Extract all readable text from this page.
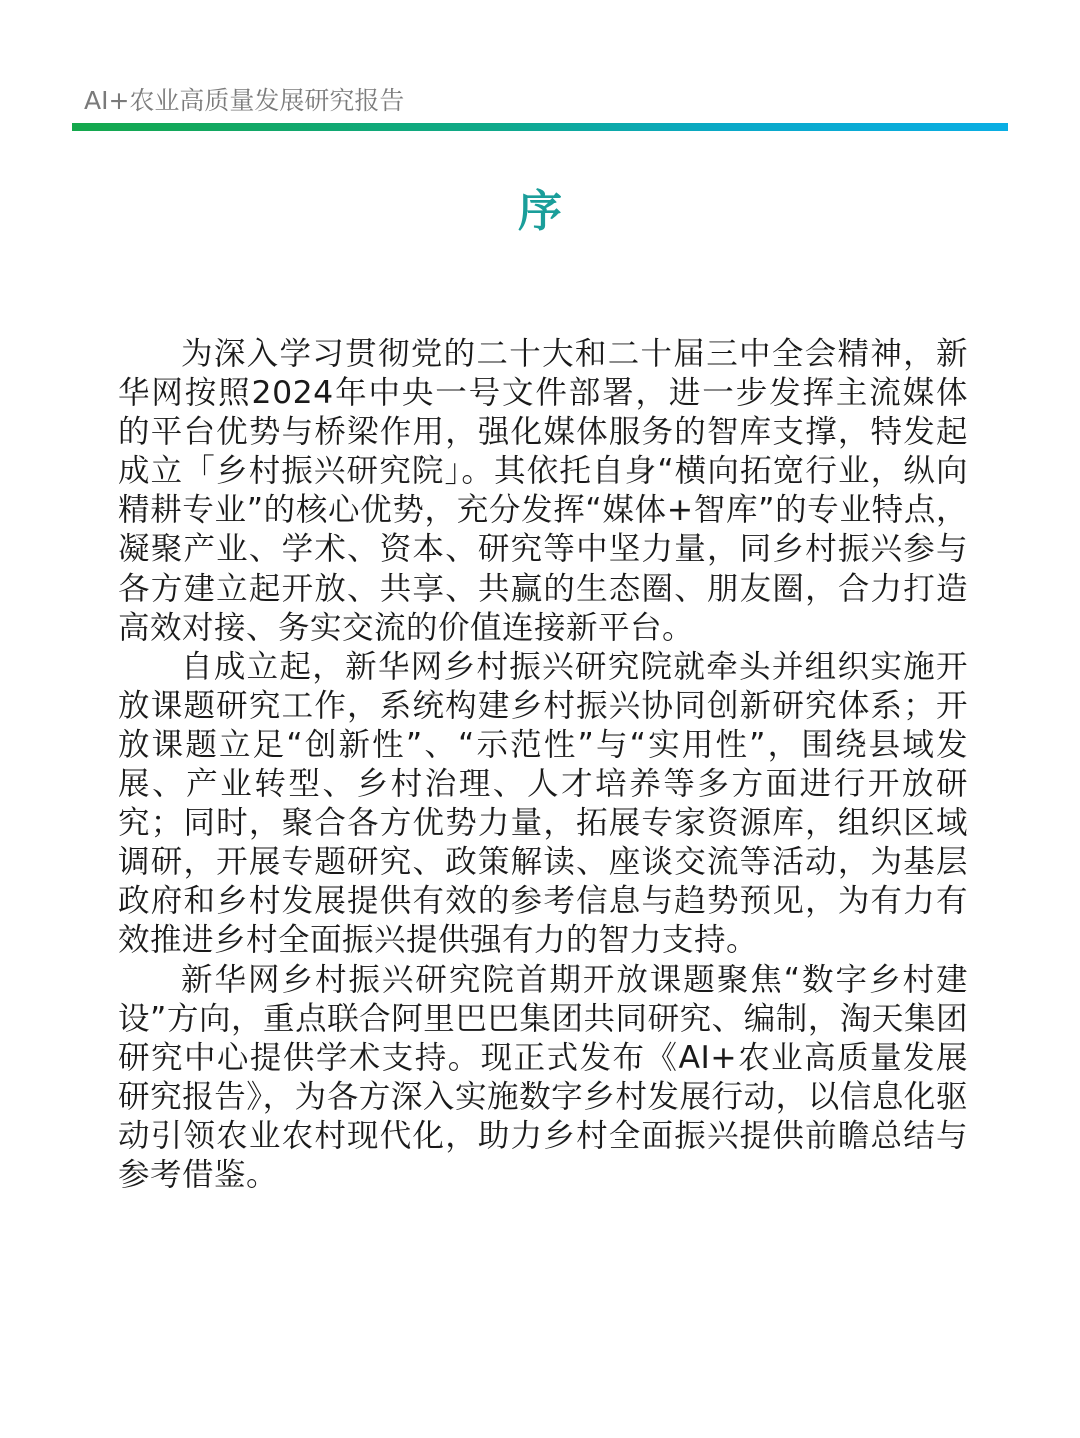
AI+农业高质量发展研究报告
序

为深入学习贯彻党的二十大和二十届三中全会精神，新华网按照2024年中央一号文件部署，进一步发挥主流媒体的平台优势与桥梁作用，强化媒体服务的智库支撑，特发起成立「乡村振兴研究院」。其依托自身“横向拓宽行业，纵向精耕专业”的核心优势，充分发挥“媒体+智库”的专业特点，凝聚产业、学术、资本、研究等中坚力量，同乡村振兴参与各方建立起开放、共享、共赢的生态圈、朋友圈，合力打造高效对接、务实交流的价值连接新平台。

自成立起，新华网乡村振兴研究院就牵头并组织实施开放课题研究工作，系统构建乡村振兴协同创新研究体系；开放课题立足“创新性”、“示范性”与“实用性”，围绕县域发展、产业转型、乡村治理、人才培养等多方面进行开放研究；同时，聚合各方优势力量，拓展专家资源库，组织区域调研，开展专题研究、政策解读、座谈交流等活动，为基层政府和乡村发展提供有效的参考信息与趋势预见，为有力有效推进乡村全面振兴提供强有力的智力支持。

新华网乡村振兴研究院首期开放课题聚焦“数字乡村建设”方向，重点联合阿里巴巴集团共同研究、编制，淘天集团研究中心提供学术支持。现正式发布《AI+农业高质量发展研究报告》，为各方深入实施数字乡村发展行动，以信息化驱动引领农业农村现代化，助力乡村全面振兴提供前瞻总结与参考借鉴。
